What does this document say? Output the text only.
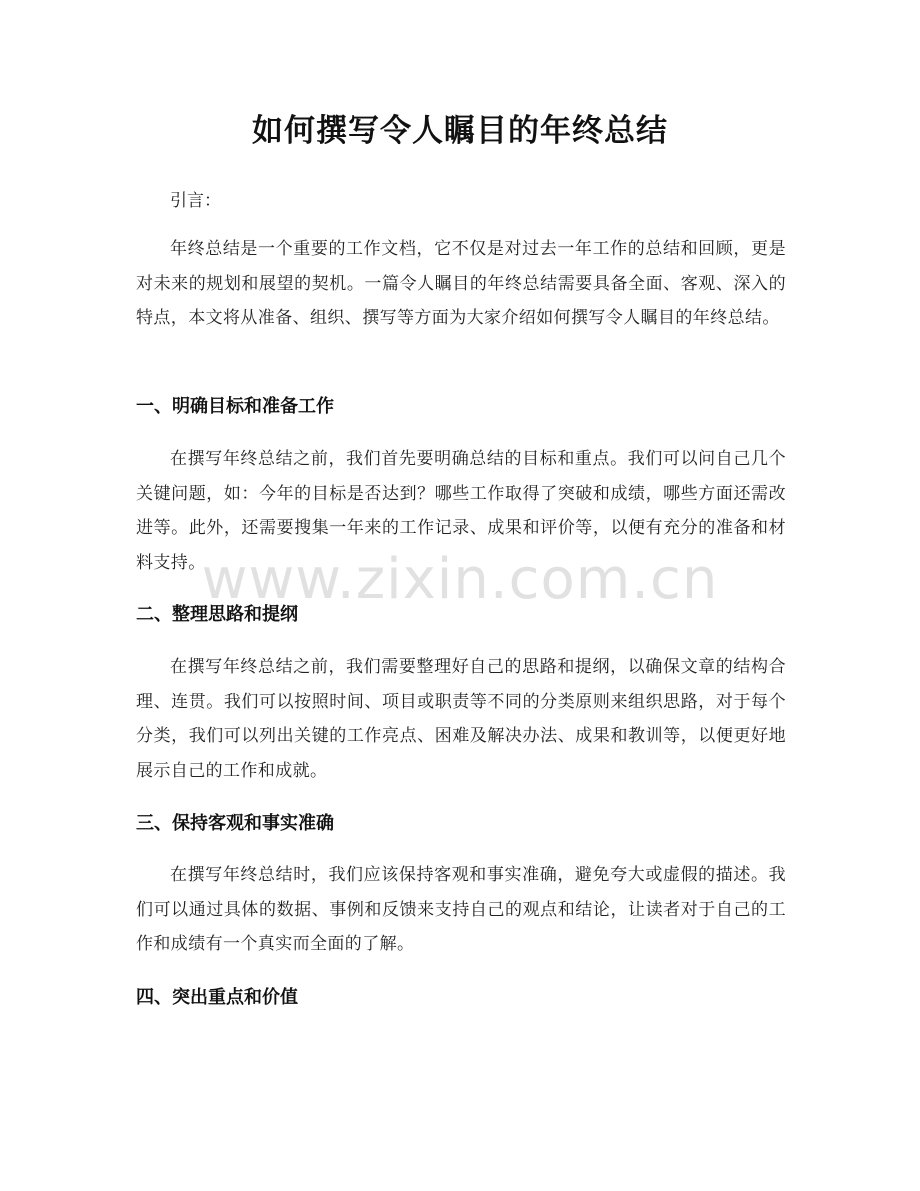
如何撰写令人瞩目的年终总结

引言：

年终总结是一个重要的工作文档，它不仅是对过去一年工作的总结和回顾，更是对未来的规划和展望的契机。一篇令人瞩目的年终总结需要具备全面、客观、深入的特点，本文将从准备、组织、撰写等方面为大家介绍如何撰写令人瞩目的年终总结。

一、明确目标和准备工作

在撰写年终总结之前，我们首先要明确总结的目标和重点。我们可以问自己几个关键问题，如：今年的目标是否达到？哪些工作取得了突破和成绩，哪些方面还需改进等。此外，还需要搜集一年来的工作记录、成果和评价等，以便有充分的准备和材料支持。

二、整理思路和提纲

在撰写年终总结之前，我们需要整理好自己的思路和提纲，以确保文章的结构合理、连贯。我们可以按照时间、项目或职责等不同的分类原则来组织思路，对于每个分类，我们可以列出关键的工作亮点、困难及解决办法、成果和教训等，以便更好地展示自己的工作和成就。

三、保持客观和事实准确

在撰写年终总结时，我们应该保持客观和事实准确，避免夸大或虚假的描述。我们可以通过具体的数据、事例和反馈来支持自己的观点和结论，让读者对于自己的工作和成绩有一个真实而全面的了解。

四、突出重点和价值
www.zixin.com.cn
